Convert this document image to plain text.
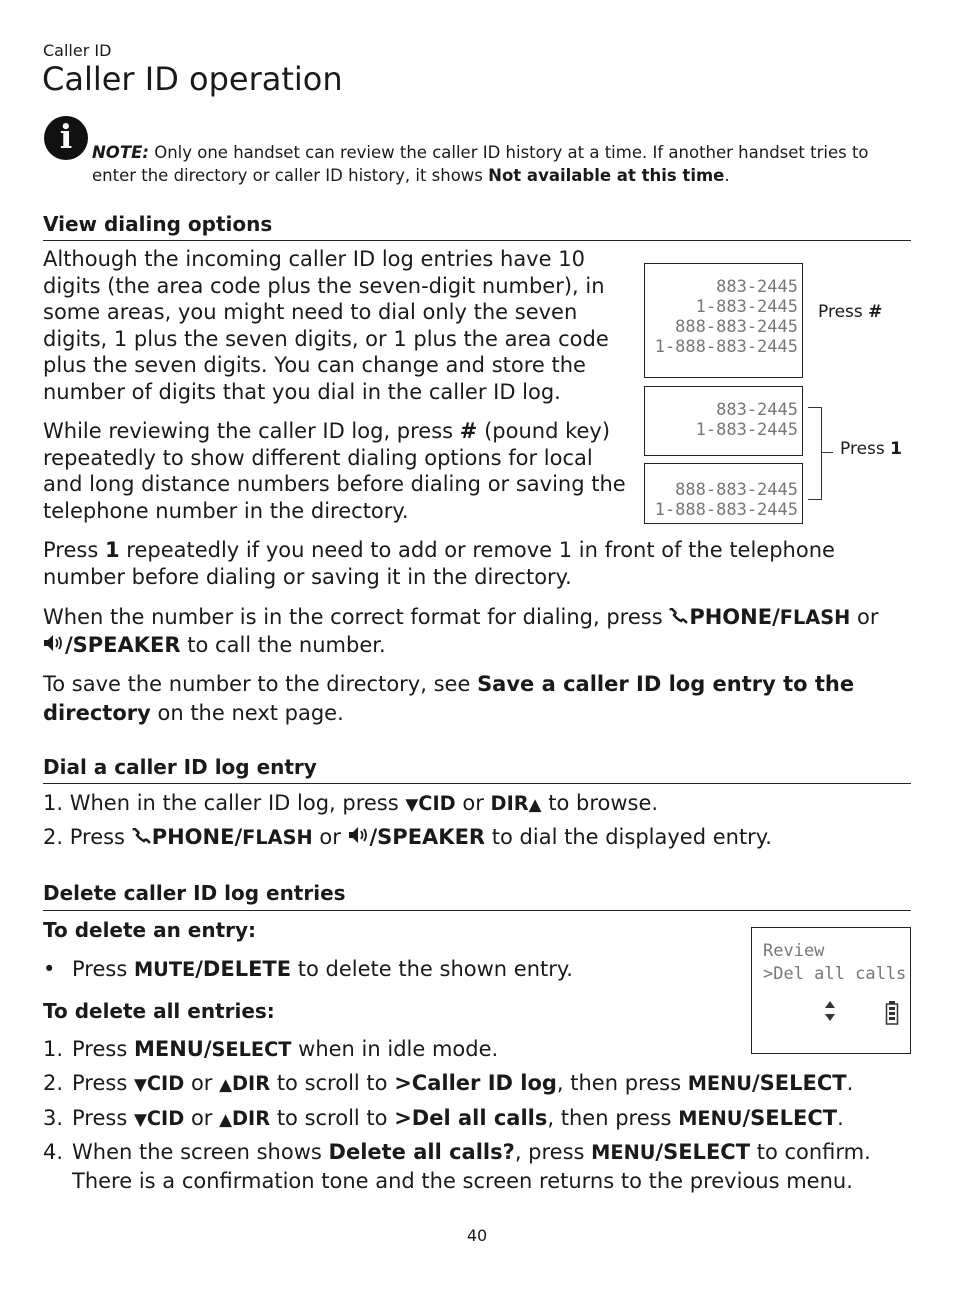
Caller ID
Caller ID operation
i	NOTE: Only one handset can review the caller ID history at a time. If another handset tries to enter the directory or caller ID history, it shows Not available at this time.
View dialing options
Although the incoming caller ID log entries have 10 digits (the area code plus the seven-digit number), in some areas, you might need to dial only the seven digits, 1 plus the seven digits, or 1 plus the area code plus the seven digits. You can change and store the number of digits that you dial in the caller ID log.
While reviewing the caller ID log, press # (pound key) repeatedly to show different dialing options for local and long distance numbers before dialing or saving the telephone number in the directory.
Press 1 repeatedly if you need to add or remove 1 in front of the telephone number before dialing or saving it in the directory.
When the number is in the correct format for dialing, press PHONE/FLASH or
/SPEAKER to call the number.
To save the number to the directory, see Save a caller ID log entry to the directory on the next page.
883-2445
1-883-2445
888-883-2445
1-888-883-2445
Press #
883-2445
1-883-2445
888-883-2445
1-888-883-2445
Press 1
Dial a caller ID log entry
1. When in the caller ID log, press ▼CID or DIR▲ to browse.
2. Press PHONE/FLASH or /SPEAKER to dial the displayed entry.
Delete caller ID log entries
To delete an entry:
• Press MUTE/DELETE to delete the shown entry.
To delete all entries:
1. Press MENU/SELECT when in idle mode.
2. Press ▼CID or ▲DIR to scroll to >Caller ID log, then press MENU/SELECT.
3. Press ▼CID or ▲DIR to scroll to >Del all calls, then press MENU/SELECT.
4. When the screen shows Delete all calls?, press MENU/SELECT to confirm.
There is a confirmation tone and the screen returns to the previous menu.
Review
>Del all calls
40
